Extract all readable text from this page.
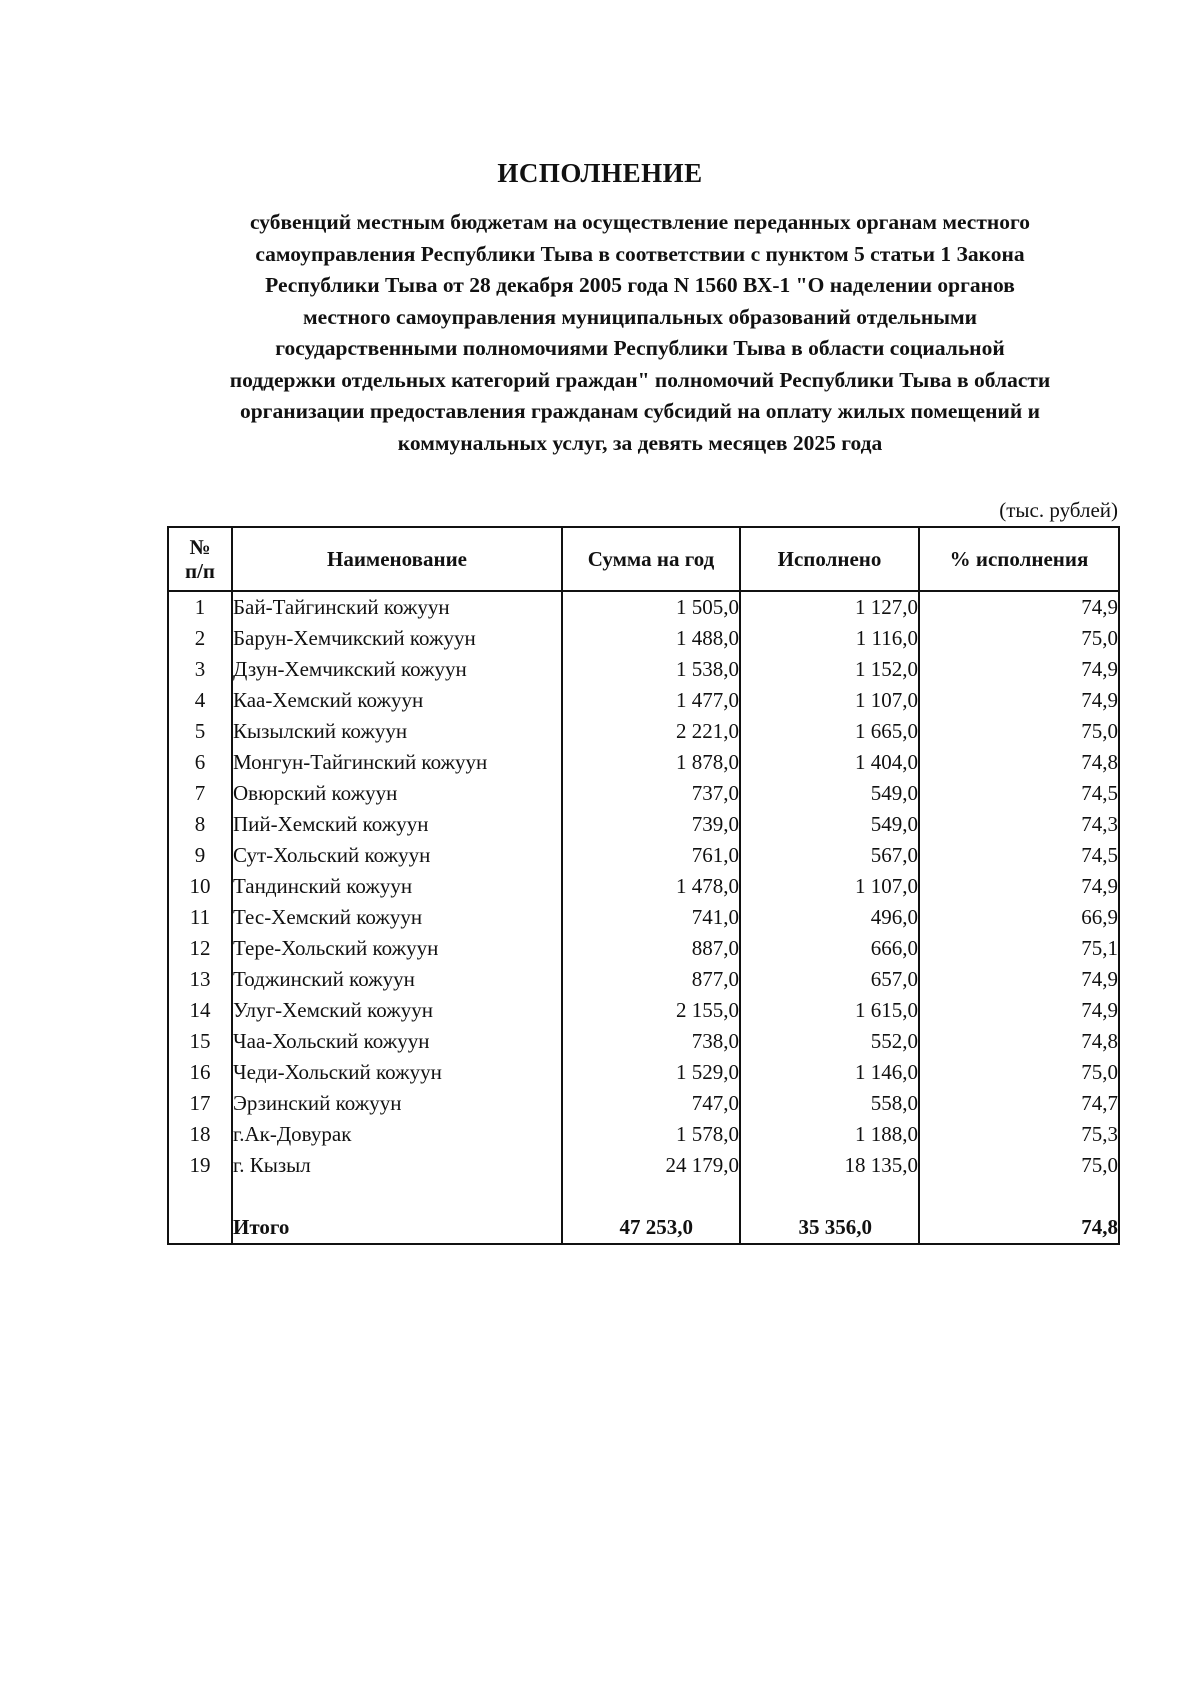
ИСПОЛНЕНИЕ
субвенций местным бюджетам на осуществление переданных органам местного
самоуправления Республики Тыва в соответствии с пунктом 5 статьи 1 Закона
Республики Тыва от 28 декабря 2005 года N 1560 ВХ-1 "О наделении органов
местного самоуправления муниципальных образований отдельными
государственными полномочиями Республики Тыва в области социальной
поддержки отдельных категорий граждан" полномочий Республики Тыва в области
организации предоставления гражданам субсидий на оплату жилых помещений и
коммунальных услуг, за девять месяцев 2025 года
(тыс. рублей)
№
п/п	Наименование	Сумма на год	Исполнено	% исполнения
1	Бай-Тайгинский кожуун	1 505,0	1 127,0	74,9
2	Барун-Хемчикский кожуун	1 488,0	1 116,0	75,0
3	Дзун-Хемчикский кожуун	1 538,0	1 152,0	74,9
4	Каа-Хемский кожуун	1 477,0	1 107,0	74,9
5	Кызылский кожуун	2 221,0	1 665,0	75,0
6	Монгун-Тайгинский кожуун	1 878,0	1 404,0	74,8
7	Овюрский кожуун	737,0	549,0	74,5
8	Пий-Хемский кожуун	739,0	549,0	74,3
9	Сут-Хольский кожуун	761,0	567,0	74,5
10	Тандинский кожуун	1 478,0	1 107,0	74,9
11	Тес-Хемский кожуун	741,0	496,0	66,9
12	Тере-Хольский кожуун	887,0	666,0	75,1
13	Тоджинский кожуун	877,0	657,0	74,9
14	Улуг-Хемский кожуун	2 155,0	1 615,0	74,9
15	Чаа-Хольский кожуун	738,0	552,0	74,8
16	Чеди-Хольский кожуун	1 529,0	1 146,0	75,0
17	Эрзинский кожуун	747,0	558,0	74,7
18	г.Ак-Довурак	1 578,0	1 188,0	75,3
19	г. Кызыл	24 179,0	18 135,0	75,0

	Итого	47 253,0	35 356,0	74,8
